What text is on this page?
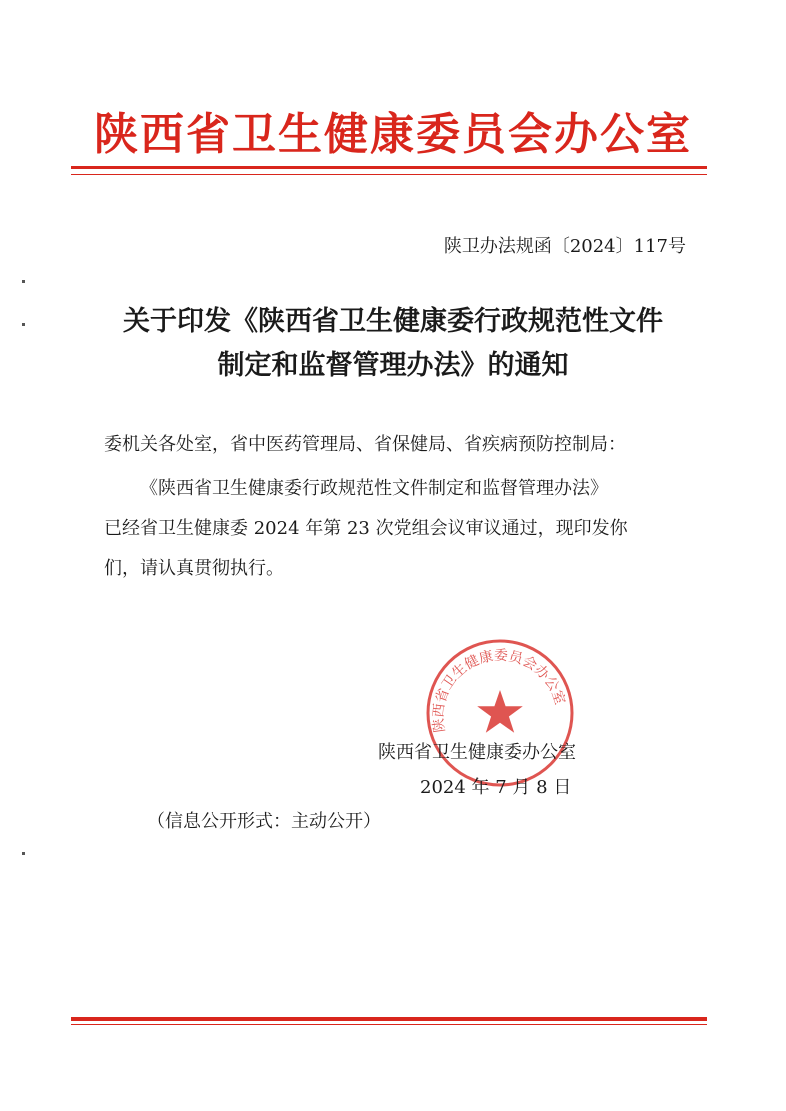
陕西省卫生健康委员会办公室
陕卫办法规函〔2024〕117号
关于印发《陕西省卫生健康委行政规范性文件
制定和监督管理办法》的通知
委机关各处室，省中医药管理局、省保健局、省疾病预防控制局：
《陕西省卫生健康委行政规范性文件制定和监督管理办法》
已经省卫生健康委 2024 年第 23 次党组会议审议通过，现印发你
们，请认真贯彻执行。
陕西省卫生健康委员会办公室
陕西省卫生健康委办公室
2024 年 7 月 8 日
（信息公开形式：主动公开）
